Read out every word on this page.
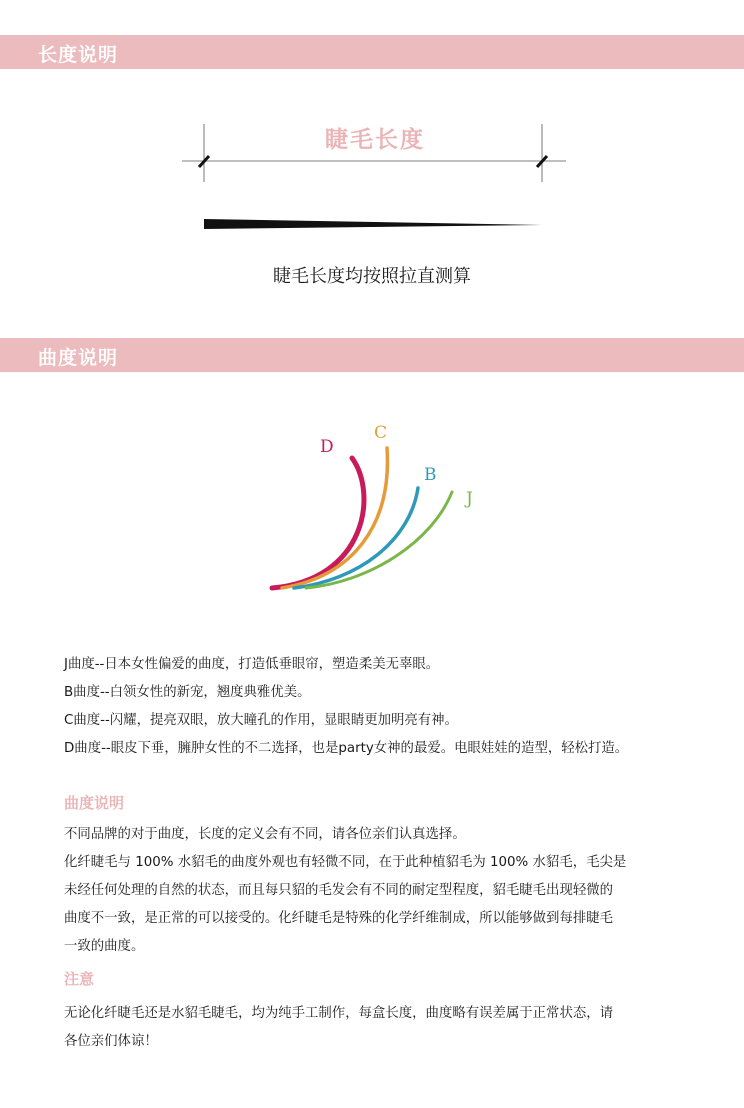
长度说明
睫毛长度
睫毛长度均按照拉直测算
曲度说明
D
C
B
J
J曲度--日本女性偏爱的曲度，打造低垂眼帘，塑造柔美无辜眼。
B曲度--白领女性的新宠，翘度典雅优美。
C曲度--闪耀，提亮双眼，放大瞳孔的作用，显眼睛更加明亮有神。
D曲度--眼皮下垂，臃肿女性的不二选择，也是party女神的最爱。电眼娃娃的造型，轻松打造。
曲度说明
不同品牌的对于曲度，长度的定义会有不同，请各位亲们认真选择。
化纤睫毛与 100% 水貂毛的曲度外观也有轻微不同，在于此种植貂毛为 100% 水貂毛，毛尖是
未经任何处理的自然的状态，而且每只貂的毛发会有不同的耐定型程度，貂毛睫毛出现轻微的
曲度不一致，是正常的可以接受的。化纤睫毛是特殊的化学纤维制成，所以能够做到每排睫毛
一致的曲度。
注意
无论化纤睫毛还是水貂毛睫毛，均为纯手工制作，每盒长度，曲度略有误差属于正常状态，请
各位亲们体谅！
